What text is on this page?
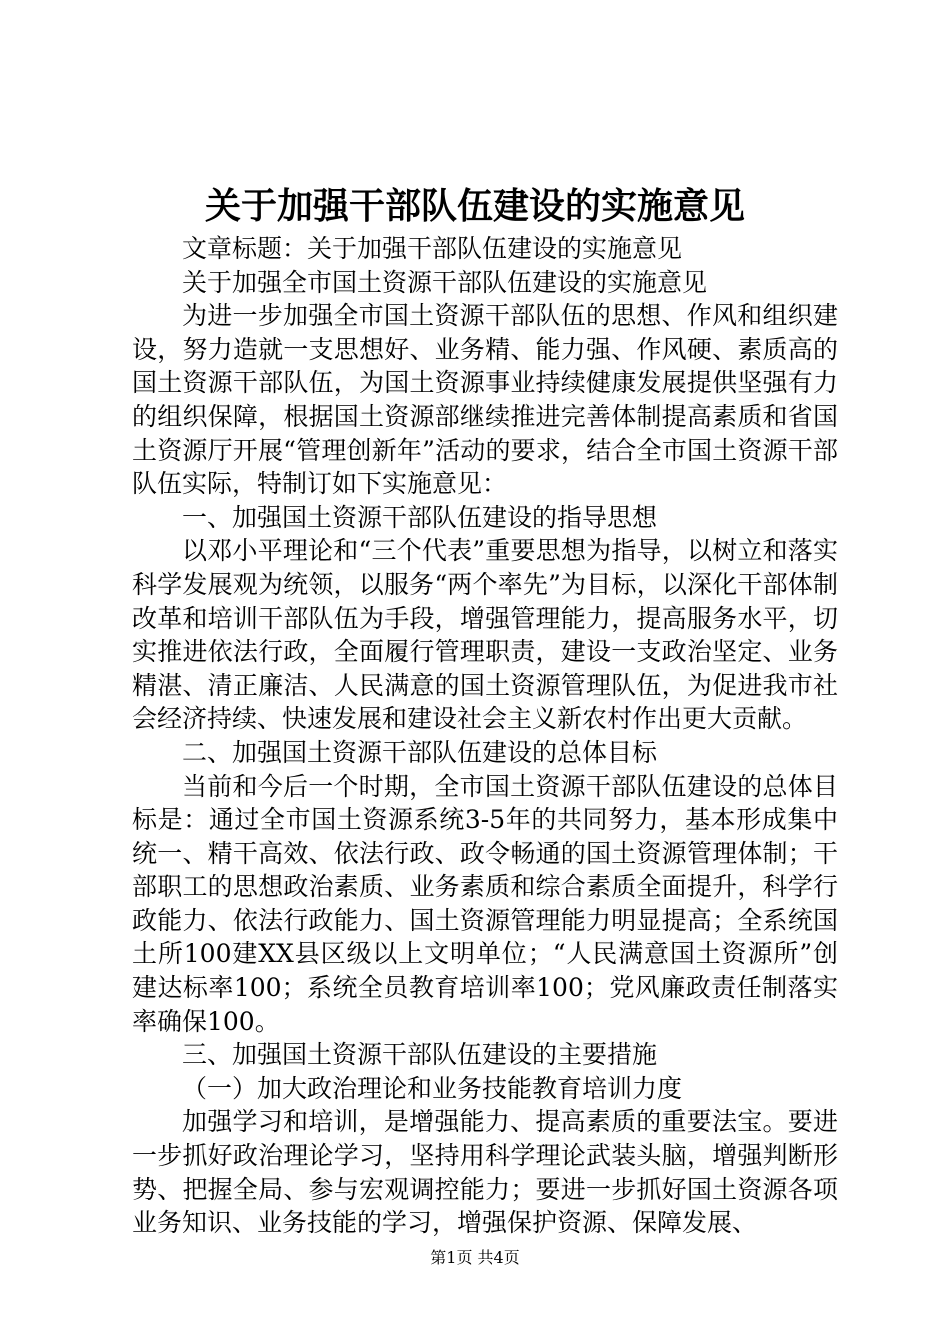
关于加强干部队伍建设的实施意见

文章标题：关于加强干部队伍建设的实施意见

关于加强全市国土资源干部队伍建设的实施意见

为进一步加强全市国土资源干部队伍的思想、作风和组织建设，努力造就一支思想好、业务精、能力强、作风硬、素质高的国土资源干部队伍，为国土资源事业持续健康发展提供坚强有力的组织保障，根据国土资源部继续推进完善体制提高素质和省国土资源厅开展“管理创新年”活动的要求，结合全市国土资源干部队伍实际，特制订如下实施意见：

一、加强国土资源干部队伍建设的指导思想

以邓小平理论和“三个代表”重要思想为指导，以树立和落实科学发展观为统领，以服务“两个率先”为目标，以深化干部体制改革和培训干部队伍为手段，增强管理能力，提高服务水平，切实推进依法行政，全面履行管理职责，建设一支政治坚定、业务精湛、清正廉洁、人民满意的国土资源管理队伍，为促进我市社会经济持续、快速发展和建设社会主义新农村作出更大贡献。

二、加强国土资源干部队伍建设的总体目标

当前和今后一个时期，全市国土资源干部队伍建设的总体目标是：通过全市国土资源系统3-5年的共同努力，基本形成集中统一、精干高效、依法行政、政令畅通的国土资源管理体制；干部职工的思想政治素质、业务素质和综合素质全面提升，科学行政能力、依法行政能力、国土资源管理能力明显提高；全系统国土所100建XX县区级以上文明单位；“人民满意国土资源所”创建达标率100；系统全员教育培训率100；党风廉政责任制落实率确保100。

三、加强国土资源干部队伍建设的主要措施

（一）加大政治理论和业务技能教育培训力度

加强学习和培训，是增强能力、提高素质的重要法宝。要进一步抓好政治理论学习，坚持用科学理论武装头脑，增强判断形势、把握全局、参与宏观调控能力；要进一步抓好国土资源各项业务知识、业务技能的学习，增强保护资源、保障发展、

第1页 共4页
